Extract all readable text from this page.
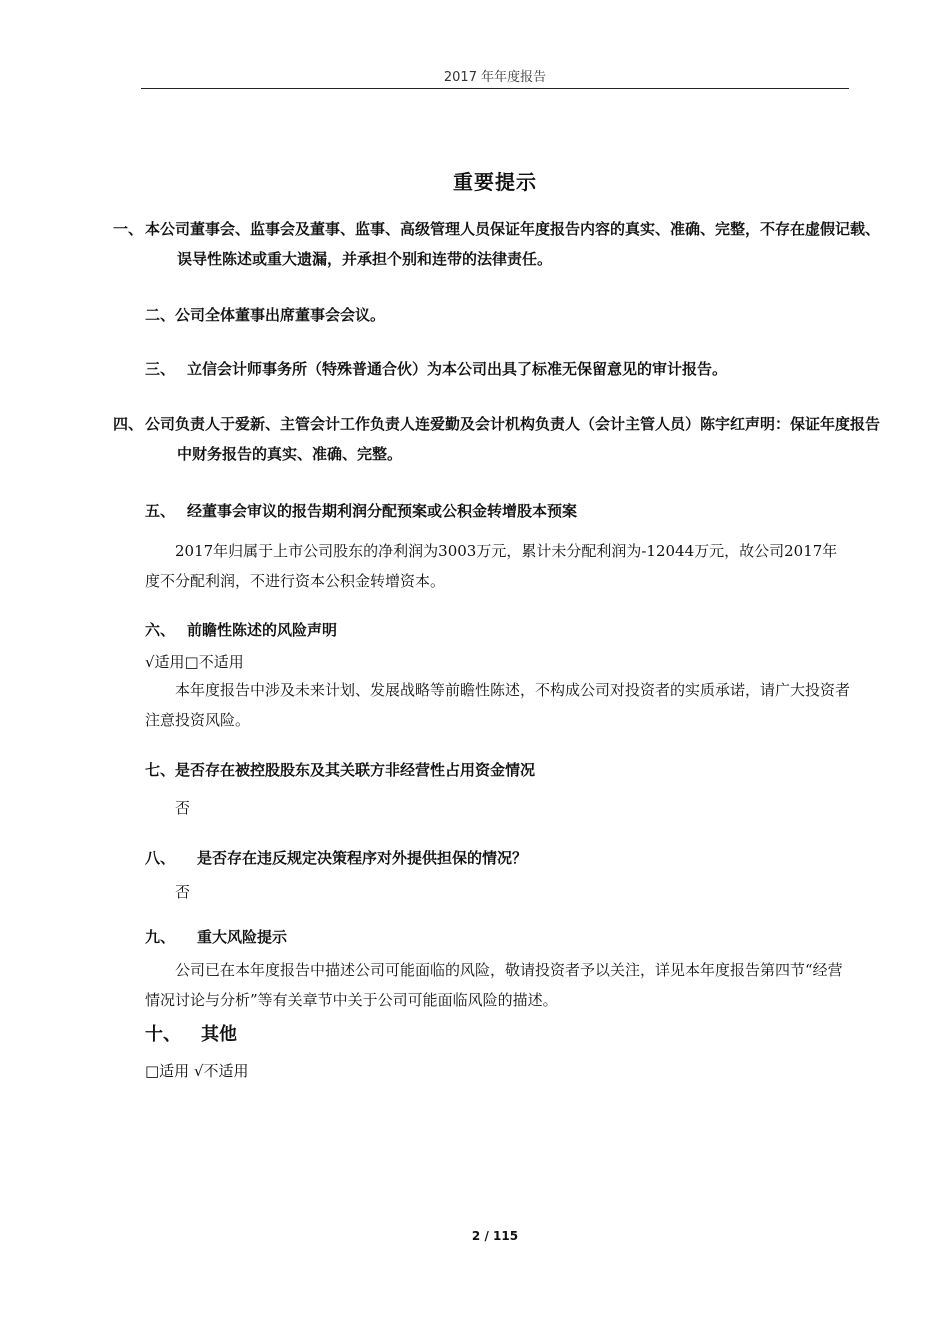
2017 年年度报告
重要提示
一、 本公司董事会、监事会及董事、监事、高级管理人员保证年度报告内容的真实、准确、完整，不存在虚假记载、误导性陈述或重大遗漏，并承担个别和连带的法律责任。
二、公司全体董事出席董事会会议。
三、 立信会计师事务所（特殊普通合伙）为本公司出具了标准无保留意见的审计报告。
四、 公司负责人于爱新、主管会计工作负责人连爱勤及会计机构负责人（会计主管人员）陈宇红声明：保证年度报告中财务报告的真实、准确、完整。
五、 经董事会审议的报告期利润分配预案或公积金转增股本预案
2017年归属于上市公司股东的净利润为3003万元，累计未分配利润为-12044万元，故公司2017年度不分配利润，不进行资本公积金转增资本。
六、 前瞻性陈述的风险声明
√适用□不适用
本年度报告中涉及未来计划、发展战略等前瞻性陈述，不构成公司对投资者的实质承诺，请广大投资者注意投资风险。
七、是否存在被控股股东及其关联方非经营性占用资金情况
否
八、 是否存在违反规定决策程序对外提供担保的情况？
否
九、 重大风险提示
公司已在本年度报告中描述公司可能面临的风险，敬请投资者予以关注，详见本年度报告第四节“经营情况讨论与分析”等有关章节中关于公司可能面临风险的描述。
十、 其他
□适用 √不适用
2 / 115
